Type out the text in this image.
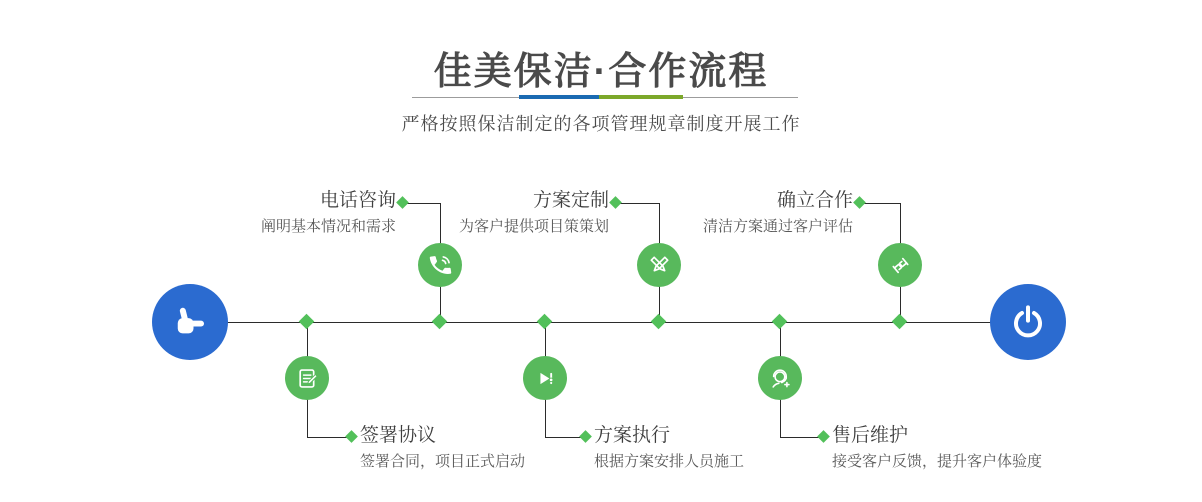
佳美保洁·合作流程

严格按照保洁制定的各项管理规章制度开展工作

电话咨询
阐明基本情况和需求
方案定制
为客户提供项目策策划
确立合作
清洁方案通过客户评估
签署协议
签署合同，项目正式启动
方案执行
根据方案安排人员施工
售后维护
接受客户反馈，提升客户体验度
